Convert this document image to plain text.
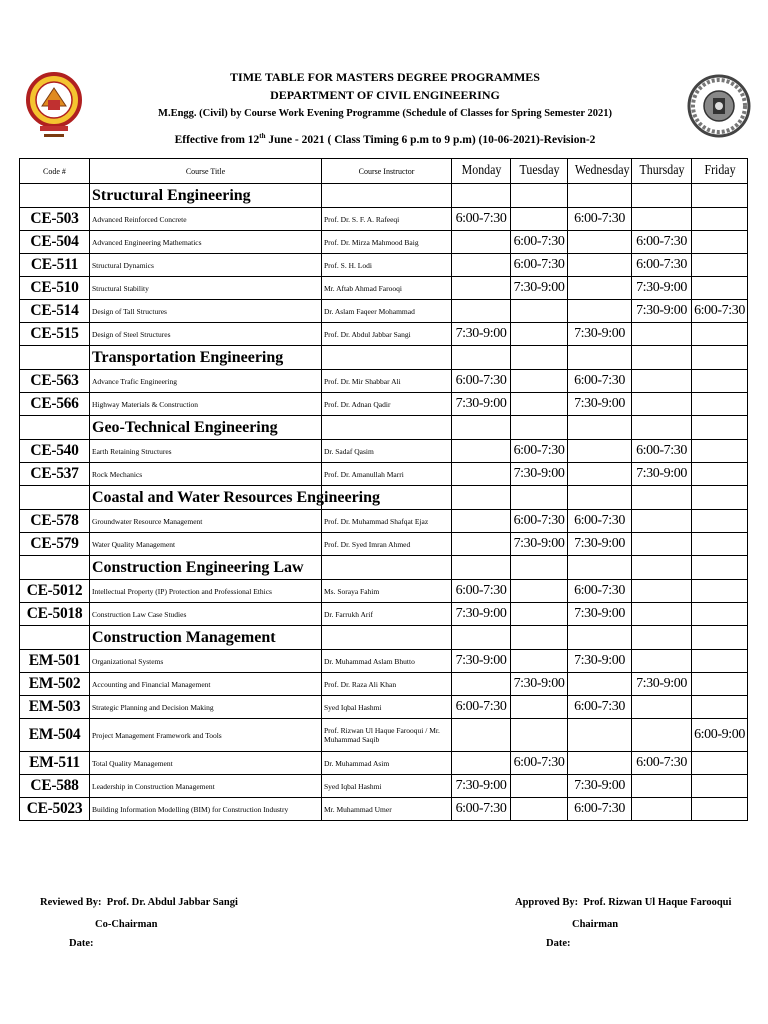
TIME TABLE FOR MASTERS DEGREE PROGRAMMES
DEPARTMENT OF CIVIL ENGINEERING
M.Engg. (Civil) by Course Work Evening Programme (Schedule of Classes for Spring Semester 2021)
Effective from 12th June - 2021 ( Class Timing 6 p.m to 9 p.m) (10-06-2021)-Revision-2
Code #	Course Title	Course Instructor	Monday	Tuesday	Wednesday	Thursday	Friday
	Structural Engineering						
CE-503	Advanced Reinforced Concrete	Prof. Dr. S. F. A. Rafeeqi	6:00-7:30		6:00-7:30		
CE-504	Advanced Engineering Mathematics	Prof. Dr. Mirza Mahmood Baig		6:00-7:30		6:00-7:30	
CE-511	Structural Dynamics	Prof. S. H. Lodi		6:00-7:30		6:00-7:30	
CE-510	Structural Stability	Mr. Aftab Ahmad Farooqi		7:30-9:00		7:30-9:00	
CE-514	Design of Tall Structures	Dr. Aslam Faqeer Mohammad				7:30-9:00	6:00-7:30
CE-515	Design of Steel Structures	Prof. Dr. Abdul Jabbar Sangi	7:30-9:00		7:30-9:00		
	Transportation Engineering						
CE-563	Advance Trafic Engineering	Prof. Dr. Mir Shabbar Ali	6:00-7:30		6:00-7:30		
CE-566	Highway Materials & Construction	Prof. Dr. Adnan Qadir	7:30-9:00		7:30-9:00		
	Geo-Technical Engineering						
CE-540	Earth Retaining Structures	Dr. Sadaf Qasim		6:00-7:30		6:00-7:30	
CE-537	Rock Mechanics	Prof. Dr. Amanullah Marri		7:30-9:00		7:30-9:00	
	Coastal and Water Resources Engineering						
CE-578	Groundwater Resource Management	Prof. Dr. Muhammad Shafqat Ejaz		6:00-7:30	6:00-7:30		
CE-579	Water Quality Management	Prof. Dr. Syed Imran Ahmed		7:30-9:00	7:30-9:00		
	Construction Engineering Law						
CE-5012	Intellectual Property (IP) Protection and Professional Ethics	Ms. Soraya Fahim	6:00-7:30		6:00-7:30		
CE-5018	Construction Law Case Studies	Dr. Farrukh Arif	7:30-9:00		7:30-9:00		
	Construction Management						
EM-501	Organizational Systems	Dr. Muhammad Aslam Bhutto	7:30-9:00		7:30-9:00		
EM-502	Accounting and Financial Management	Prof. Dr. Raza Ali Khan		7:30-9:00		7:30-9:00	
EM-503	Strategic Planning and Decision Making	Syed Iqbal Hashmi	6:00-7:30		6:00-7:30		
EM-504	Project Management Framework and Tools	Prof. Rizwan Ul Haque Farooqui / Mr. Muhammad Saqib					6:00-9:00
EM-511	Total Quality Management	Dr. Muhammad Asim		6:00-7:30		6:00-7:30	
CE-588	Leadership in Construction Management	Syed Iqbal Hashmi	7:30-9:00		7:30-9:00		
CE-5023	Building Information Modelling (BIM) for Construction Industry	Mr. Muhammad Umer	6:00-7:30		6:00-7:30		
Reviewed By: Prof. Dr. Abdul Jabbar Sangi
Co-Chairman
Date:
Approved By: Prof. Rizwan Ul Haque Farooqui
Chairman
Date:
